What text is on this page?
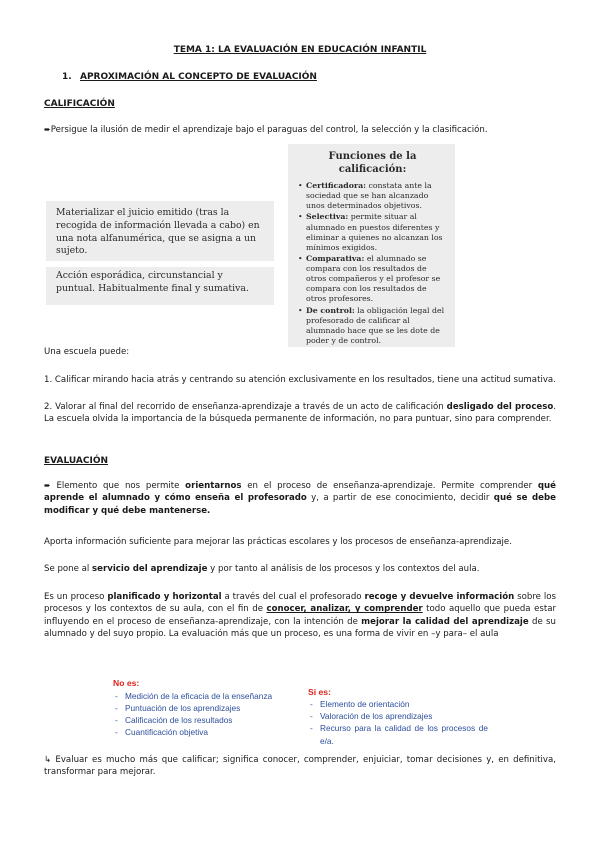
TEMA 1: LA EVALUACIÓN EN EDUCACIÓN INFANTIL
1. APROXIMACIÓN AL CONCEPTO DE EVALUACIÓN
CALIFICACIÓN
➨Persigue la ilusión de medir el aprendizaje bajo el paraguas del control, la selección y la clasificación.
Materializar el juicio emitido (tras la recogida de información llevada a cabo) en una nota alfanumérica, que se asigna a un sujeto.
Acción esporádica, circunstancial y puntual. Habitualmente final y sumativa.
Funciones de la calificación:
• Certificadora: constata ante la sociedad que se han alcanzado unos determinados objetivos.
• Selectiva: permite situar al alumnado en puestos diferentes y eliminar a quienes no alcanzan los mínimos exigidos.
• Comparativa: el alumnado se compara con los resultados de otros compañeros y el profesor se compara con los resultados de otros profesores.
• De control: la obligación legal del profesorado de calificar al alumnado hace que se les dote de poder y de control.
Una escuela puede:
1. Calificar mirando hacia atrás y centrando su atención exclusivamente en los resultados, tiene una actitud sumativa.
2. Valorar al final del recorrido de enseñanza-aprendizaje a través de un acto de calificación desligado del proceso. La escuela olvida la importancia de la búsqueda permanente de información, no para puntuar, sino para comprender.
EVALUACIÓN
➨ Elemento que nos permite orientarnos en el proceso de enseñanza-aprendizaje. Permite comprender qué aprende el alumnado y cómo enseña el profesorado y, a partir de ese conocimiento, decidir qué se debe modificar y qué debe mantenerse.
Aporta información suficiente para mejorar las prácticas escolares y los procesos de enseñanza-aprendizaje.
Se pone al servicio del aprendizaje y por tanto al análisis de los procesos y los contextos del aula.
Es un proceso planificado y horizontal a través del cual el profesorado recoge y devuelve información sobre los procesos y los contextos de su aula, con el fin de conocer, analizar, y comprender todo aquello que pueda estar influyendo en el proceso de enseñanza-aprendizaje, con la intención de mejorar la calidad del aprendizaje de su alumnado y del suyo propio. La evaluación más que un proceso, es una forma de vivir en –y para– el aula
No es:
- Medición de la eficacia de la enseñanza
- Puntuación de los aprendizajes
- Calificación de los resultados
- Cuantificación objetiva
Si es:
- Elemento de orientación
- Valoración de los aprendizajes
- Recurso para la calidad de los procesos de e/a.
↳ Evaluar es mucho más que calificar; significa conocer, comprender, enjuiciar, tomar decisiones y, en definitiva, transformar para mejorar.
